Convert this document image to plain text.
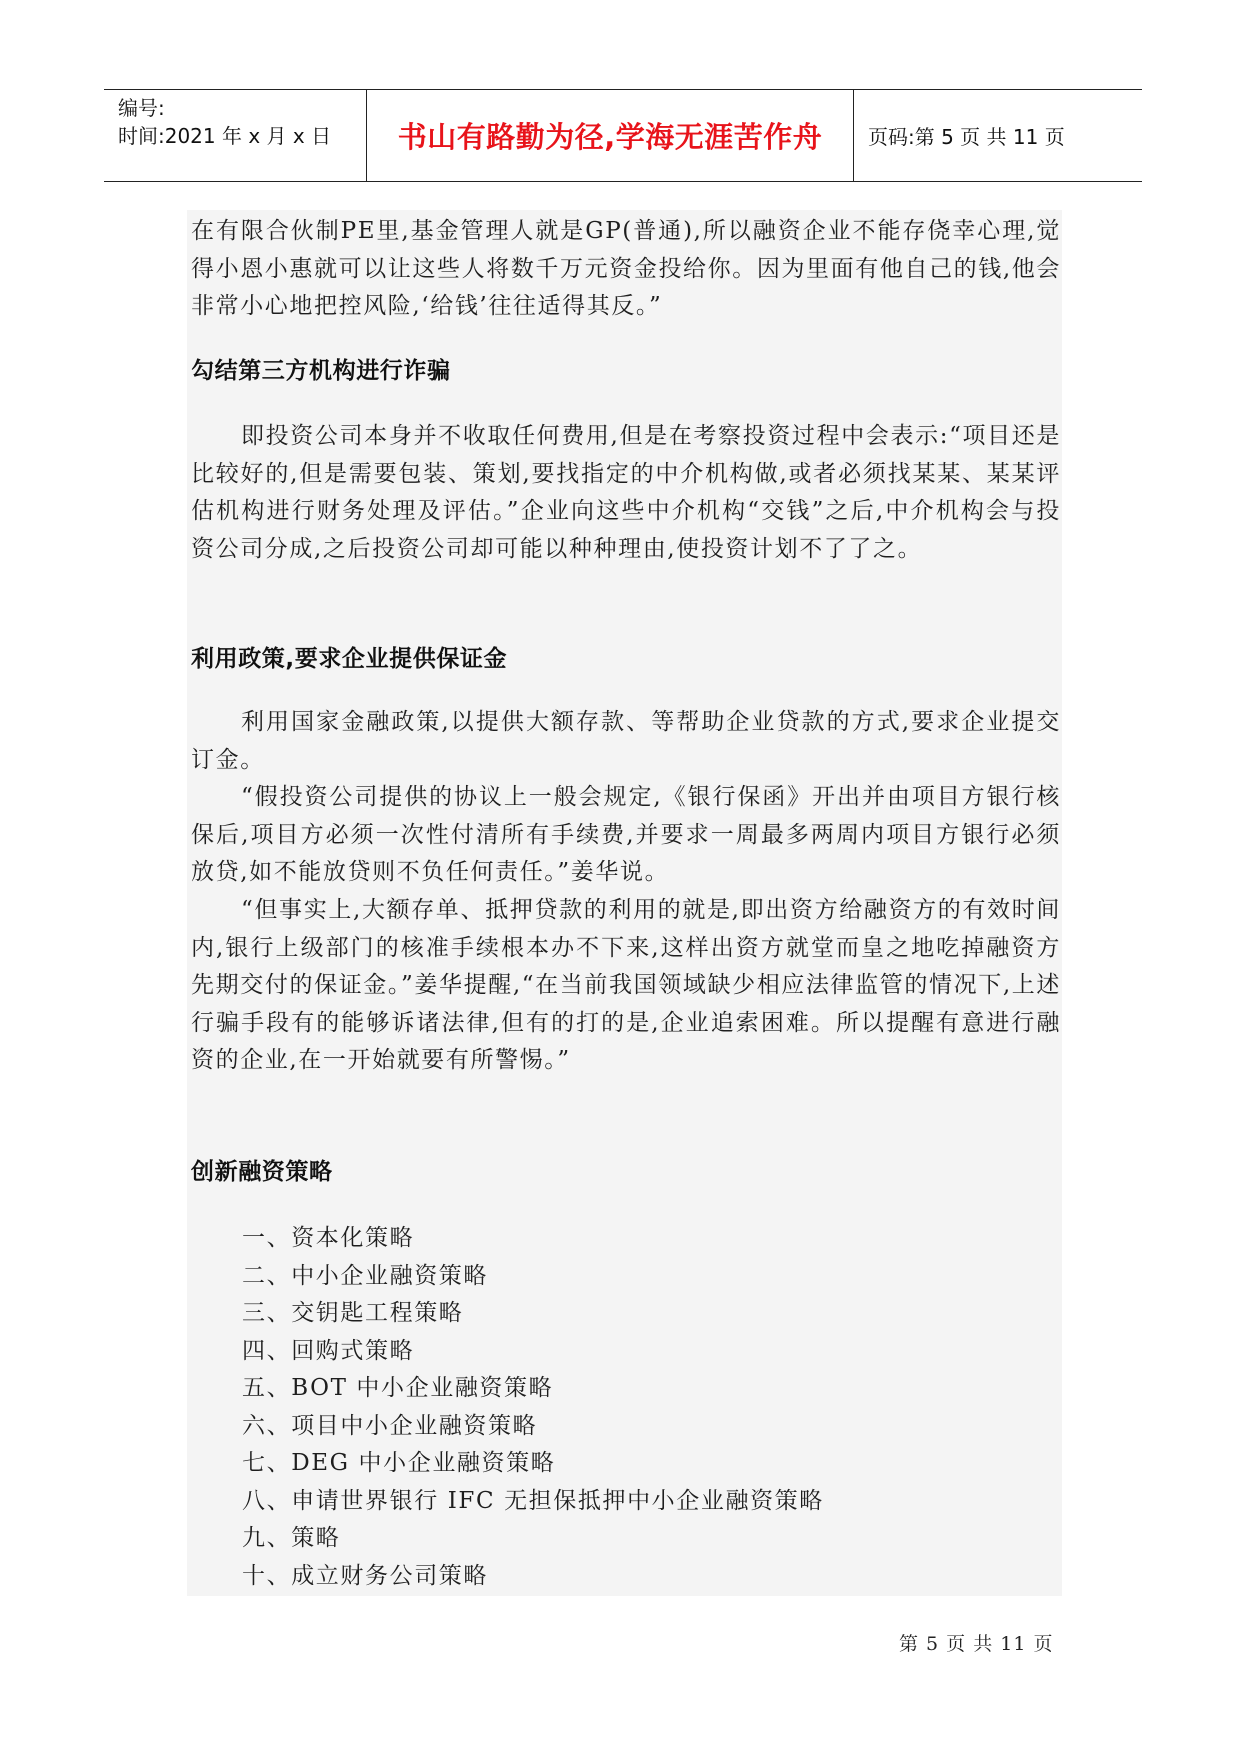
编号:
时间:2021 年 x 月 x 日	书山有路勤为径,学海无涯苦作舟	页码:第 5 页 共 11 页

在有限合伙制PE里,基金管理人就是GP(普通),所以融资企业不能存侥幸心理,觉得小恩小惠就可以让这些人将数千万元资金投给你。因为里面有他自己的钱,他会非常小心地把控风险,‘给钱’往往适得其反。”

勾结第三方机构进行诈骗

即投资公司本身并不收取任何费用,但是在考察投资过程中会表示:“项目还是比较好的,但是需要包装、策划,要找指定的中介机构做,或者必须找某某、某某评估机构进行财务处理及评估。”企业向这些中介机构“交钱”之后,中介机构会与投资公司分成,之后投资公司却可能以种种理由,使投资计划不了了之。

利用政策,要求企业提供保证金

利用国家金融政策,以提供大额存款、等帮助企业贷款的方式,要求企业提交订金。

“假投资公司提供的协议上一般会规定,《银行保函》开出并由项目方银行核保后,项目方必须一次性付清所有手续费,并要求一周最多两周内项目方银行必须放贷,如不能放贷则不负任何责任。”姜华说。

“但事实上,大额存单、抵押贷款的利用的就是,即出资方给融资方的有效时间内,银行上级部门的核准手续根本办不下来,这样出资方就堂而皇之地吃掉融资方先期交付的保证金。”姜华提醒,“在当前我国领域缺少相应法律监管的情况下,上述行骗手段有的能够诉诸法律,但有的打的是,企业追索困难。所以提醒有意进行融资的企业,在一开始就要有所警惕。”

创新融资策略
一、资本化策略
二、中小企业融资策略
三、交钥匙工程策略
四、回购式策略
五、BOT 中小企业融资策略
六、项目中小企业融资策略
七、DEG 中小企业融资策略
八、申请世界银行 IFC 无担保抵押中小企业融资策略
九、策略
十、成立财务公司策略
第 5 页 共 11 页
